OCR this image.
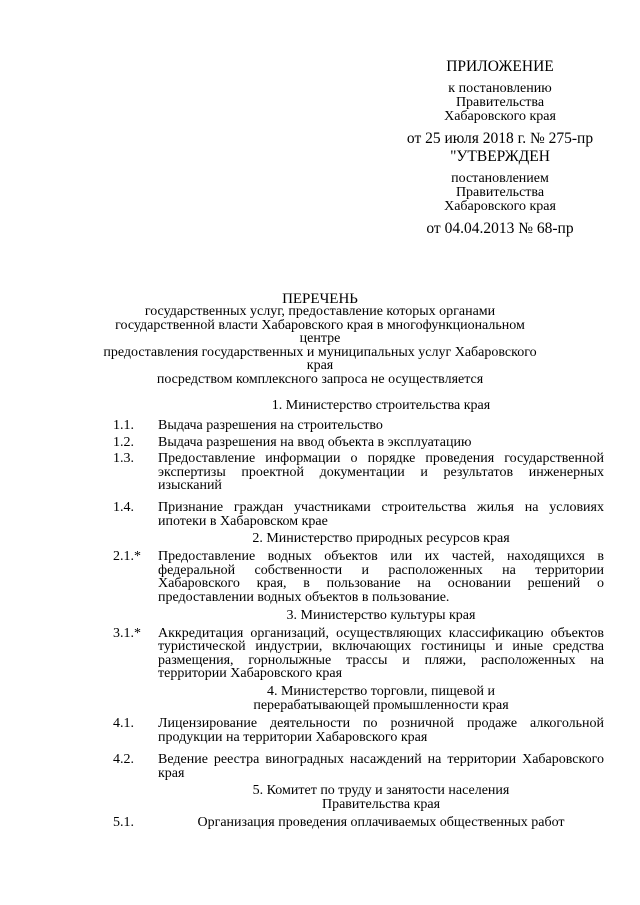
ПРИЛОЖЕНИЕ
к постановлению
Правительства
Хабаровского края
от 25 июля 2018 г. № 275-пр
"УТВЕРЖДЕН
постановлением
Правительства
Хабаровского края
от 04.04.2013 № 68-пр
ПЕРЕЧЕНЬ
государственных услуг, предоставление которых органами
государственной власти Хабаровского края в многофункциональном центре
предоставления государственных и муниципальных услуг Хабаровского края
посредством комплексного запроса не осуществляется
1. Министерство строительства края
1.1. Выдача разрешения на строительство
1.2. Выдача разрешения на ввод объекта в эксплуатацию
1.3. Предоставление информации о порядке проведения государственной экспертизы проектной документации и результатов инженерных изысканий
1.4. Признание граждан участниками строительства жилья на условиях ипотеки в Хабаровском крае
2. Министерство природных ресурсов края
2.1.* Предоставление водных объектов или их частей, находящихся в федеральной собственности и расположенных на территории Хабаровского края, в пользование на основании решений о предоставлении водных объектов в пользование.
3. Министерство культуры края
3.1.* Аккредитация организаций, осуществляющих классификацию объектов туристической индустрии, включающих гостиницы и иные средства размещения, горнолыжные трассы и пляжи, расположенных на территории Хабаровского края
4. Министерство торговли, пищевой и
перерабатывающей промышленности края
4.1. Лицензирование деятельности по розничной продаже алкогольной продукции на территории Хабаровского края
4.2. Ведение реестра виноградных насаждений на территории Хабаровского края
5. Комитет по труду и занятости населения
Правительства края
5.1.	Организация проведения оплачиваемых общественных работ
